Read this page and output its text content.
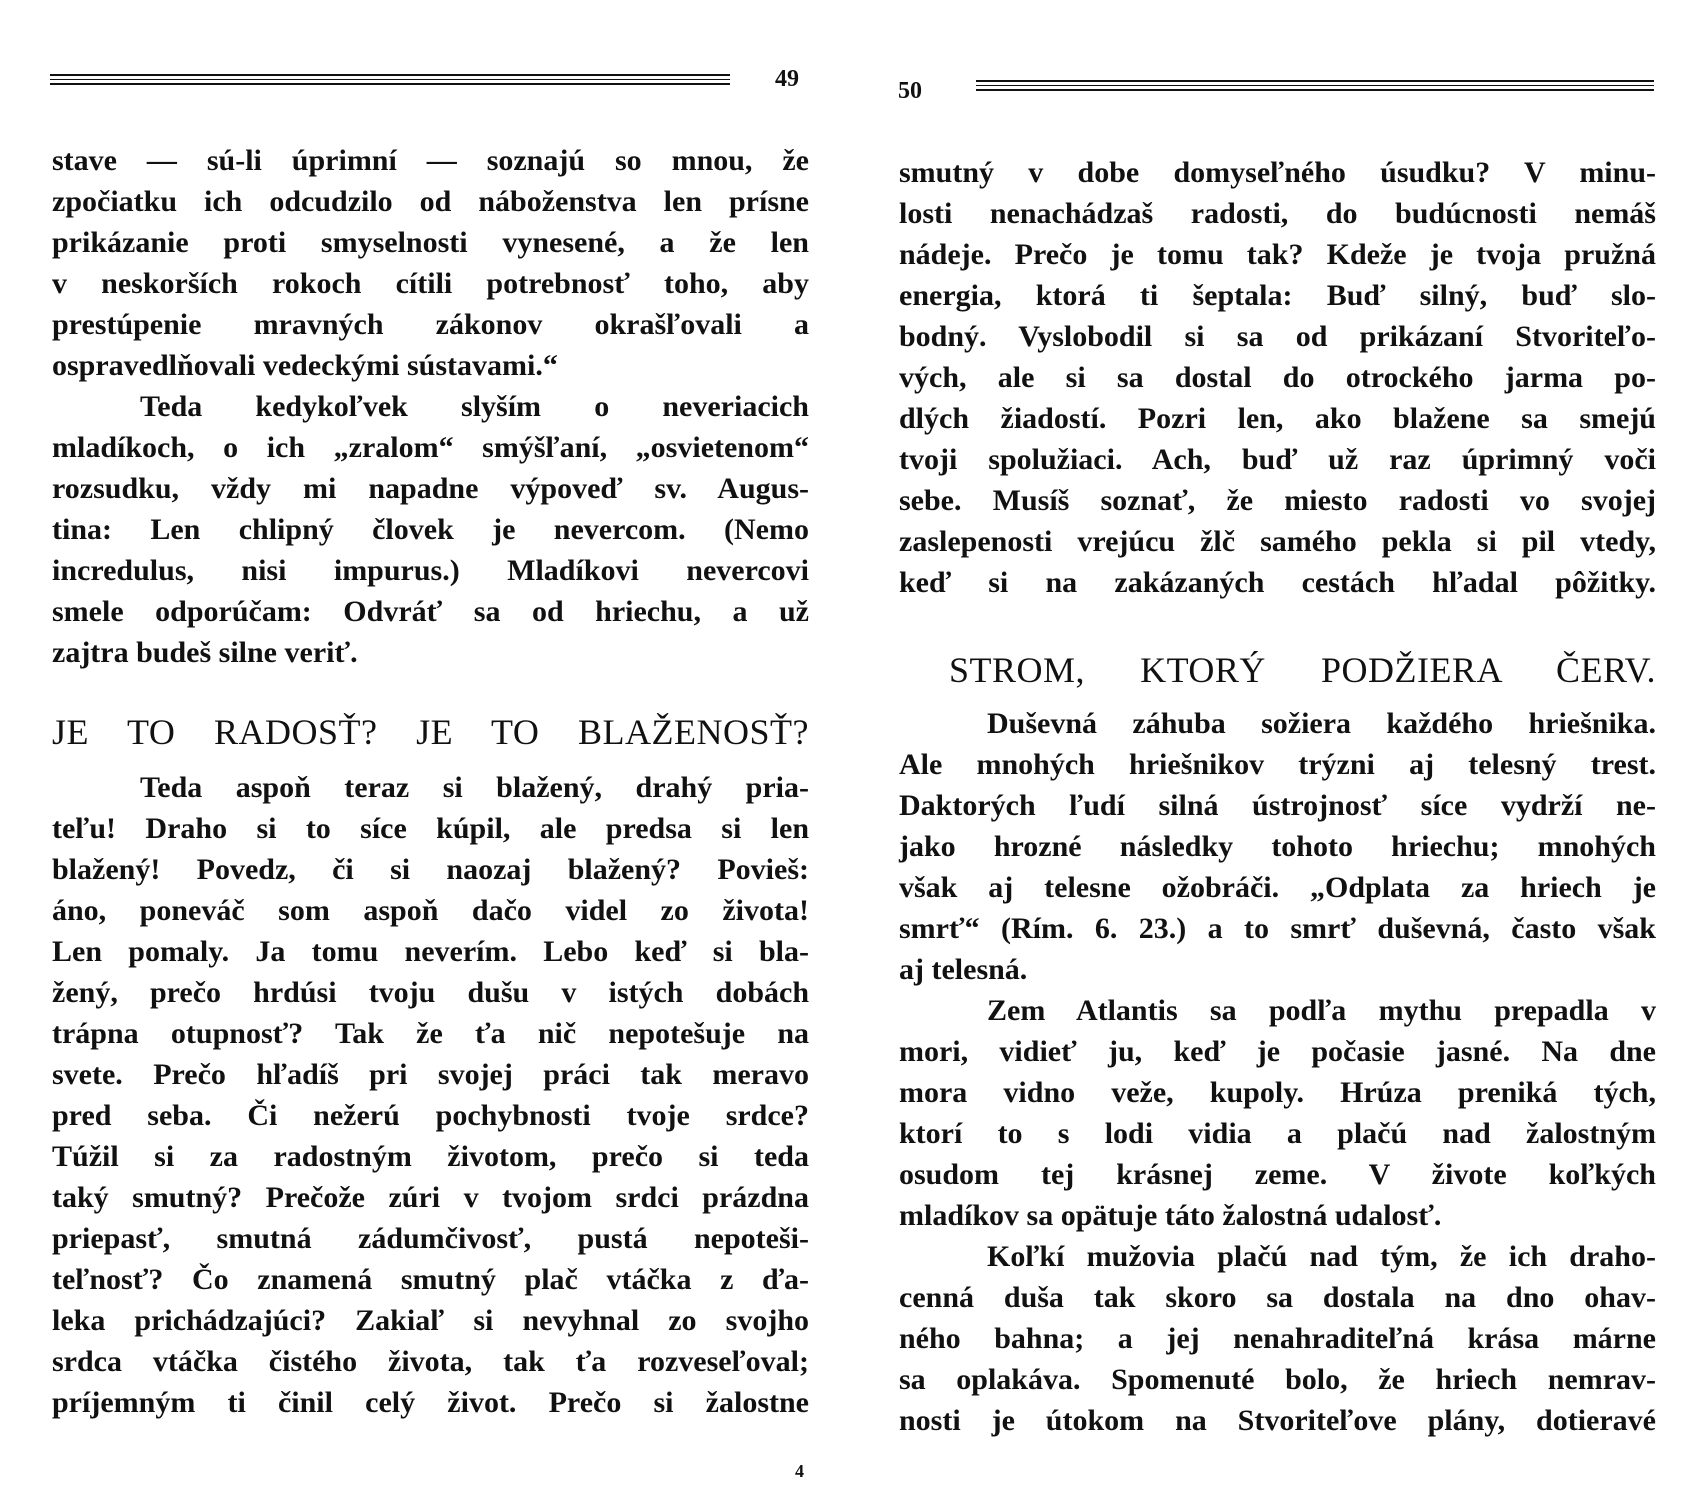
49
stave — sú-li úprimní — soznajú so mnou, že
zpočiatku ich odcudzilo od náboženstva len prísne
prikázanie proti smyselnosti vynesené, a že len
v neskorších rokoch cítili potrebnosť toho, aby
prestúpenie mravných zákonov okrašľovali a
ospravedlňovali vedeckými sústavami.“
Teda kedykoľvek slyším o neveriacich
mladíkoch, o ich „zralom“ smýšľaní, „osvietenom“
rozsudku, vždy mi napadne výpoveď sv. Augus-
tina: Len chlipný človek je nevercom. (Nemo
incredulus, nisi impurus.) Mladíkovi nevercovi
smele odporúčam: Odvráť sa od hriechu, a už
zajtra budeš silne veriť.
JE TO RADOSŤ? JE TO BLAŽENOSŤ?
Teda aspoň teraz si blažený, drahý pria-
teľu! Draho si to síce kúpil, ale predsa si len
blažený! Povedz, či si naozaj blažený? Povieš:
áno, poneváč som aspoň dačo videl zo života!
Len pomaly. Ja tomu neverím. Lebo keď si bla-
žený, prečo hrdúsi tvoju dušu v istých dobách
trápna otupnosť? Tak že ťa nič nepotešuje na
svete. Prečo hľadíš pri svojej práci tak meravo
pred seba. Či nežerú pochybnosti tvoje srdce?
Túžil si za radostným životom, prečo si teda
taký smutný? Prečože zúri v tvojom srdci prázdna
priepasť, smutná zádumčivosť, pustá nepoteši-
teľnosť? Čo znamená smutný plač vtáčka z ďa-
leka prichádzajúci? Zakiaľ si nevyhnal zo svojho
srdca vtáčka čistého života, tak ťa rozveseľoval;
príjemným ti činil celý život. Prečo si žalostne
4
50
smutný v dobe domyseľného úsudku? V minu-
losti nenachádzaš radosti, do budúcnosti nemáš
nádeje. Prečo je tomu tak? Kdeže je tvoja pružná
energia, ktorá ti šeptala: Buď silný, buď slo-
bodný. Vyslobodil si sa od prikázaní Stvoriteľo-
vých, ale si sa dostal do otrockého jarma po-
dlých žiadostí. Pozri len, ako blažene sa smejú
tvoji spolužiaci. Ach, buď už raz úprimný voči
sebe. Musíš soznať, že miesto radosti vo svojej
zaslepenosti vrejúcu žlč samého pekla si pil vtedy,
keď si na zakázaných cestách hľadal pôžitky.
STROM, KTORÝ PODŽIERA ČERV.
Duševná záhuba sožiera každého hriešnika.
Ale mnohých hriešnikov trýzni aj telesný trest.
Daktorých ľudí silná ústrojnosť síce vydrží ne-
jako hrozné následky tohoto hriechu; mnohých
však aj telesne ožobráči. „Odplata za hriech je
smrť“ (Rím. 6. 23.) a to smrť duševná, často však
aj telesná.
Zem Atlantis sa podľa mythu prepadla v
mori, vidieť ju, keď je počasie jasné. Na dne
mora vidno veže, kupoly. Hrúza preniká tých,
ktorí to s lodi vidia a plačú nad žalostným
osudom tej krásnej zeme. V živote koľkých
mladíkov sa opätuje táto žalostná udalosť.
Koľkí mužovia plačú nad tým, že ich draho-
cenná duša tak skoro sa dostala na dno ohav-
ného bahna; a jej nenahraditeľná krása márne
sa oplakáva. Spomenuté bolo, že hriech nemrav-
nosti je útokom na Stvoriteľove plány, dotieravé
